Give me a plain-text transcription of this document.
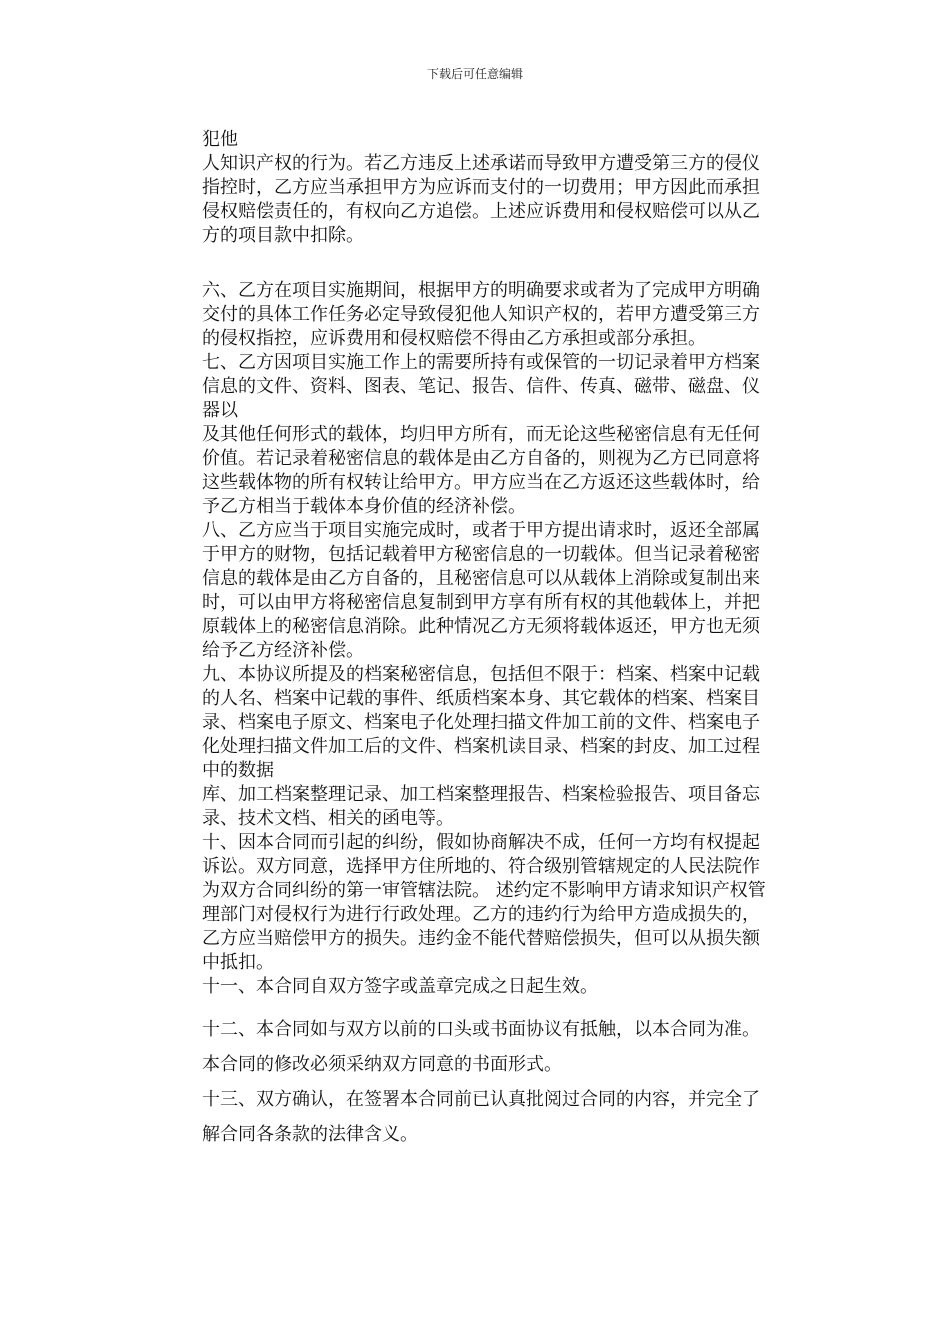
下载后可任意编辑
犯他
人知识产权的行为。若乙方违反上述承诺而导致甲方遭受第三方的侵仪
指控时，乙方应当承担甲方为应诉而支付的一切费用；甲方因此而承担
侵权赔偿责任的，有权向乙方追偿。上述应诉费用和侵权赔偿可以从乙
方的项目款中扣除。
六、乙方在项目实施期间，根据甲方的明确要求或者为了完成甲方明确
交付的具体工作任务必定导致侵犯他人知识产权的，若甲方遭受第三方
的侵权指控，应诉费用和侵权赔偿不得由乙方承担或部分承担。
七、乙方因项目实施工作上的需要所持有或保管的一切记录着甲方档案
信息的文件、资料、图表、笔记、报告、信件、传真、磁带、磁盘、仪
器以
及其他任何形式的载体，均归甲方所有，而无论这些秘密信息有无任何
价值。若记录着秘密信息的载体是由乙方自备的，则视为乙方已同意将
这些载体物的所有权转让给甲方。甲方应当在乙方返还这些载体时，给
予乙方相当于载体本身价值的经济补偿。
八、乙方应当于项目实施完成时，或者于甲方提出请求时，返还全部属
于甲方的财物，包括记载着甲方秘密信息的一切载体。但当记录着秘密
信息的载体是由乙方自备的，且秘密信息可以从载体上消除或复制出来
时，可以由甲方将秘密信息复制到甲方享有所有权的其他载体上，并把
原载体上的秘密信息消除。此种情况乙方无须将载体返还，甲方也无须
给予乙方经济补偿。
九、本协议所提及的档案秘密信息，包括但不限于：档案、档案中记载
的人名、档案中记载的事件、纸质档案本身、其它载体的档案、档案目
录、档案电子原文、档案电子化处理扫描文件加工前的文件、档案电子
化处理扫描文件加工后的文件、档案机读目录、档案的封皮、加工过程
中的数据
库、加工档案整理记录、加工档案整理报告、档案检验报告、项目备忘
录、技术文档、相关的函电等。
十、因本合同而引起的纠纷，假如协商解决不成，任何一方均有权提起
诉讼。双方同意，选择甲方住所地的、符合级别管辖规定的人民法院作
为双方合同纠纷的第一审管辖法院。 述约定不影响甲方请求知识产权管
理部门对侵权行为进行行政处理。乙方的违约行为给甲方造成损失的，
乙方应当赔偿甲方的损失。违约金不能代替赔偿损失，但可以从损失额
中抵扣。
十一、本合同自双方签字或盖章完成之日起生效。
十二、本合同如与双方以前的口头或书面协议有抵触，以本合同为准。
本合同的修改必须采纳双方同意的书面形式。
十三、双方确认，在签署本合同前已认真批阅过合同的内容，并完全了
解合同各条款的法律含义。
